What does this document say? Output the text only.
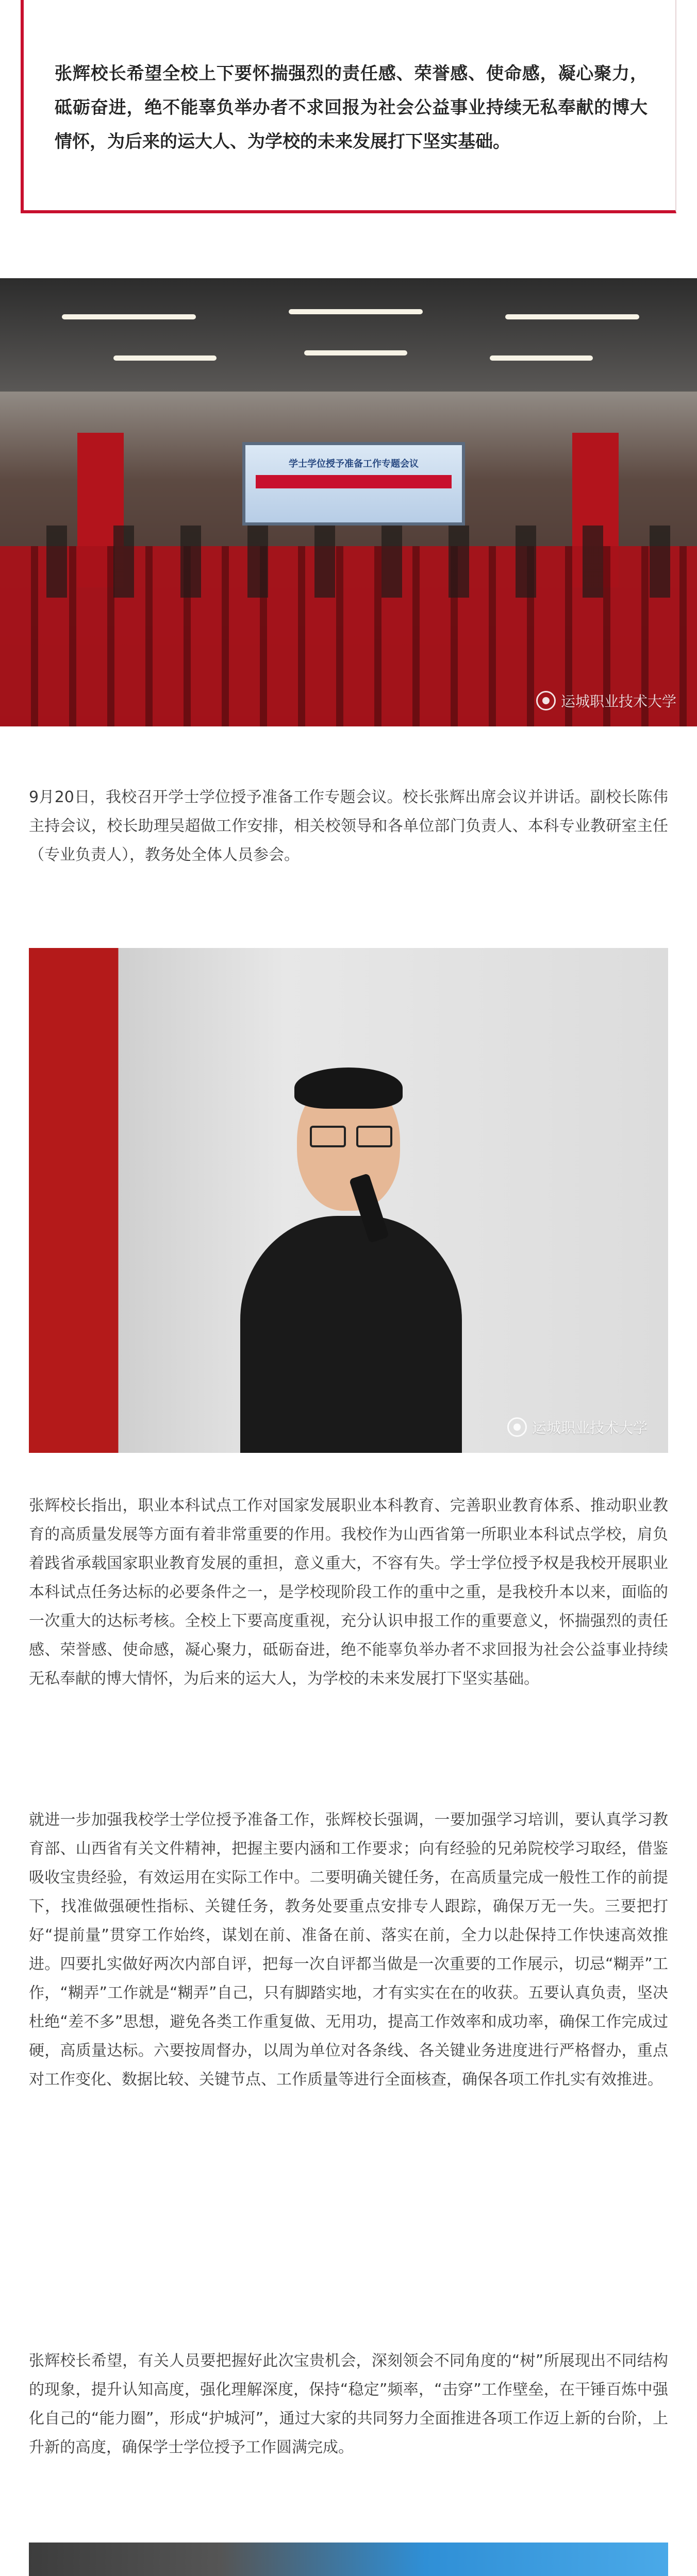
张辉校长希望全校上下要怀揣强烈的责任感、荣誉感、使命感，凝心聚力，砥砺奋进，绝不能辜负举办者不求回报为社会公益事业持续无私奉献的博大情怀，为后来的运大人、为学校的未来发展打下坚实基础。
学士学位授予准备工作专题会议
运城职业技术大学

9月20日，我校召开学士学位授予准备工作专题会议。校长张辉出席会议并讲话。副校长陈伟主持会议，校长助理吴超做工作安排，相关校领导和各单位部门负责人、本科专业教研室主任（专业负责人），教务处全体人员参会。

运城职业技术大学

张辉校长指出，职业本科试点工作对国家发展职业本科教育、完善职业教育体系、推动职业教育的高质量发展等方面有着非常重要的作用。我校作为山西省第一所职业本科试点学校，肩负着践省承载国家职业教育发展的重担，意义重大，不容有失。学士学位授予权是我校开展职业本科试点任务达标的必要条件之一，是学校现阶段工作的重中之重，是我校升本以来，面临的一次重大的达标考核。全校上下要高度重视，充分认识申报工作的重要意义，怀揣强烈的责任感、荣誉感、使命感，凝心聚力，砥砺奋进，绝不能辜负举办者不求回报为社会公益事业持续无私奉献的博大情怀，为后来的运大人，为学校的未来发展打下坚实基础。

就进一步加强我校学士学位授予准备工作，张辉校长强调，一要加强学习培训，要认真学习教育部、山西省有关文件精神，把握主要内涵和工作要求；向有经验的兄弟院校学习取经，借鉴吸收宝贵经验，有效运用在实际工作中。二要明确关键任务，在高质量完成一般性工作的前提下，找准做强硬性指标、关键任务，教务处要重点安排专人跟踪，确保万无一失。三要把打好“提前量”贯穿工作始终，谋划在前、准备在前、落实在前，全力以赴保持工作快速高效推进。四要扎实做好两次内部自评，把每一次自评都当做是一次重要的工作展示，切忌“糊弄”工作，“糊弄”工作就是“糊弄”自己，只有脚踏实地，才有实实在在的收获。五要认真负责，坚决杜绝“差不多”思想，避免各类工作重复做、无用功，提高工作效率和成功率，确保工作完成过硬，高质量达标。六要按周督办，以周为单位对各条线、各关键业务进度进行严格督办，重点对工作变化、数据比较、关键节点、工作质量等进行全面核查，确保各项工作扎实有效推进。

张辉校长希望，有关人员要把握好此次宝贵机会，深刻领会不同角度的“树”所展现出不同结构的现象，提升认知高度，强化理解深度，保持“稳定”频率，“击穿”工作壁垒，在干锤百炼中强化自己的“能力圈”，形成“护城河”，通过大家的共同努力全面推进各项工作迈上新的台阶，上升新的高度，确保学士学位授予工作圆满完成。
